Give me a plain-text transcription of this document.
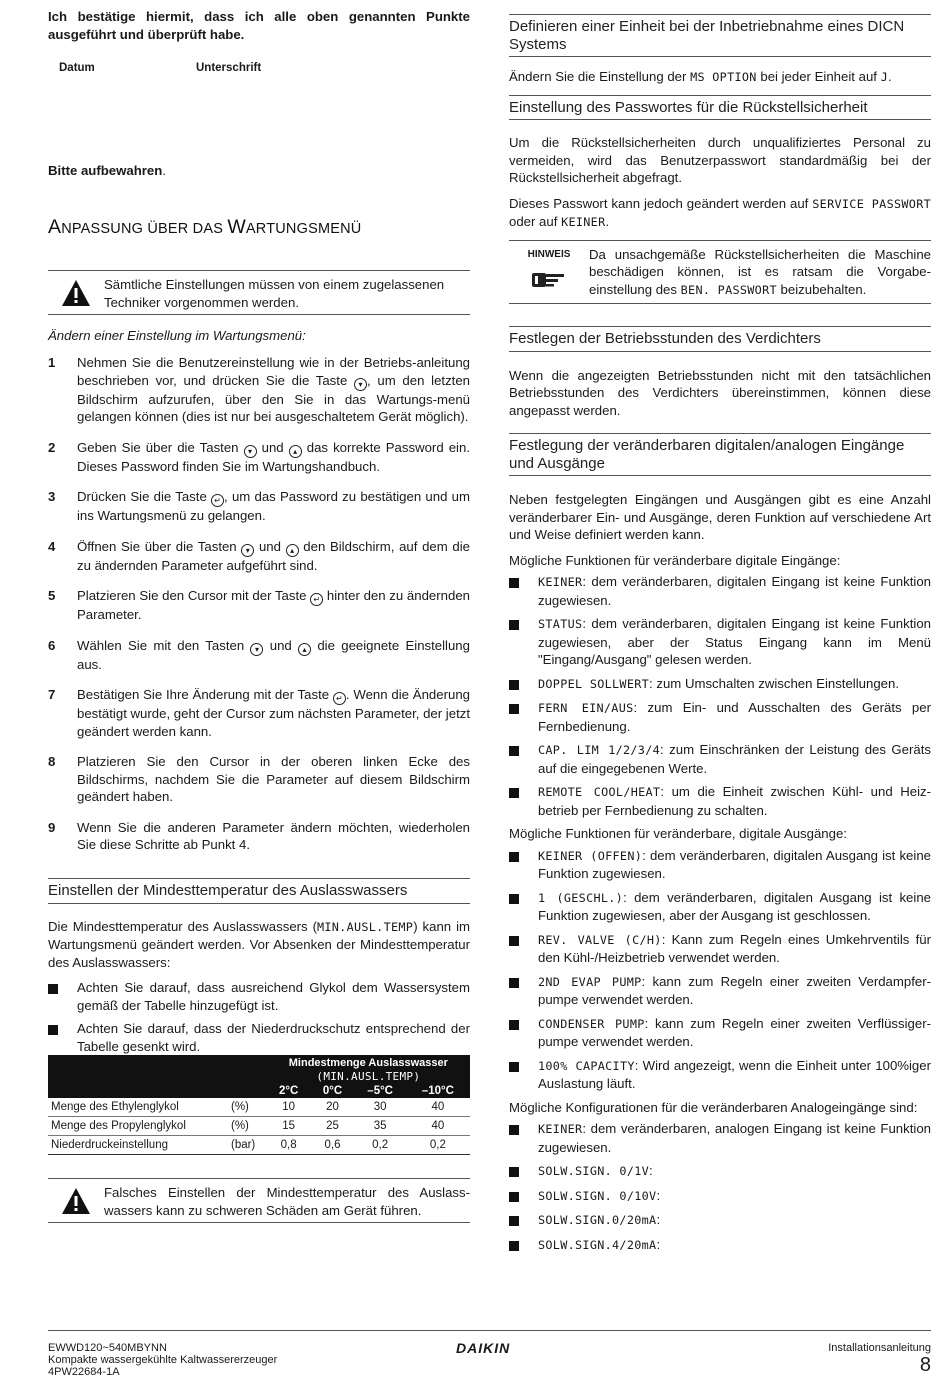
Ich bestätige hiermit, dass ich alle oben genannten Punkte ausgeführt und überprüft habe.
Datum	Unterschrift
Bitte aufbewahren.
ANPASSUNG ÜBER DAS WARTUNGSMENÜ
Sämtliche Einstellungen müssen von einem zugelassenen Techniker vorgenommen werden.
Ändern einer Einstellung im Wartungsmenü:
1	Nehmen Sie die Benutzereinstellung wie in der Betriebs-anleitung beschrieben vor, und drücken Sie die Taste ▾ , um den letzten Bildschirm aufzurufen, über den Sie in das Wartungs-menü gelangen können (dies ist nur bei ausgeschaltetem Gerät möglich).
2	Geben Sie über die Tasten ▾ und ▴ das korrekte Password ein. Dieses Password finden Sie im Wartungshandbuch.
3	Drücken Sie die Taste ↵ , um das Password zu bestätigen und um ins Wartungsmenü zu gelangen.
4	Öffnen Sie über die Tasten ▾ und ▴ den Bildschirm, auf dem die zu ändernden Parameter aufgeführt sind.
5	Platzieren Sie den Cursor mit der Taste ↵ hinter den zu ändernden Parameter.
6	Wählen Sie mit den Tasten ▾ und ▴ die geeignete Einstellung aus.
7	Bestätigen Sie Ihre Änderung mit der Taste ↵ . Wenn die Änderung bestätigt wurde, geht der Cursor zum nächsten Parameter, der jetzt geändert werden kann.
8	Platzieren Sie den Cursor in der oberen linken Ecke des Bildschirms, nachdem Sie die Parameter auf diesem Bildschirm geändert haben.
9	Wenn Sie die anderen Parameter ändern möchten, wiederholen Sie diese Schritte ab Punkt 4.
Einstellen der Mindesttemperatur des Auslasswassers
Die Mindesttemperatur des Auslasswassers (MIN.AUSL.TEMP) kann im Wartungsmenü geändert werden. Vor Absenken der Mindesttemperatur des Auslasswassers:
Achten Sie darauf, dass ausreichend Glykol dem Wassersystem gemäß der Tabelle hinzugefügt ist.
Achten Sie darauf, dass der Niederdruckschutz entsprechend der Tabelle gesenkt wird.
		Mindestmenge Auslasswasser
(MIN.AUSL.TEMP)			
		2°C	0°C	–5°C	–10°C
Menge des Ethylenglykol	(%)	10	20	30	40
Menge des Propylenglykol	(%)	15	25	35	40
Niederdruckeinstellung	(bar)	0,8	0,6	0,2	0,2
Falsches Einstellen der Mindesttemperatur des Auslass-wassers kann zu schweren Schäden am Gerät führen.
Definieren einer Einheit bei der Inbetriebnahme eines DICN Systems
Ändern Sie die Einstellung der MS OPTION bei jeder Einheit auf J.
Einstellung des Passwortes für die Rückstellsicherheit
Um die Rückstellsicherheiten durch unqualifiziertes Personal zu vermeiden, wird das Benutzerpasswort standardmäßig bei der Rückstellsicherheit abgefragt.
Dieses Passwort kann jedoch geändert werden auf SERVICE PASSWORT oder auf KEINER.
HINWEIS	Da unsachgemäße Rückstellsicherheiten die Maschine beschädigen können, ist es ratsam die Vorgabe-einstellung des BEN. PASSWORT beizubehalten.
Festlegen der Betriebsstunden des Verdichters
Wenn die angezeigten Betriebsstunden nicht mit den tatsächlichen Betriebsstunden des Verdichters übereinstimmen, können diese angepasst werden.
Festlegung der veränderbaren digitalen/analogen Eingänge und Ausgänge
Neben festgelegten Eingängen und Ausgängen gibt es eine Anzahl veränderbarer Ein- und Ausgänge, deren Funktion auf verschiedene Art und Weise definiert werden kann.
Mögliche Funktionen für veränderbare digitale Eingänge:
KEINER: dem veränderbaren, digitalen Eingang ist keine Funktion zugewiesen.
STATUS: dem veränderbaren, digitalen Eingang ist keine Funktion zugewiesen, aber der Status Eingang kann im Menü "Eingang/Ausgang" gelesen werden.
DOPPEL SOLLWERT: zum Umschalten zwischen Einstellungen.
FERN EIN/AUS: zum Ein- und Ausschalten des Geräts per Fernbedienung.
CAP. LIM 1/2/3/4: zum Einschränken der Leistung des Geräts auf die eingegebenen Werte.
REMOTE COOL/HEAT: um die Einheit zwischen Kühl- und Heiz-betrieb per Fernbedienung zu schalten.
Mögliche Funktionen für veränderbare, digitale Ausgänge:
KEINER (OFFEN): dem veränderbaren, digitalen Ausgang ist keine Funktion zugewiesen.
1 (GESCHL.): dem veränderbaren, digitalen Ausgang ist keine Funktion zugewiesen, aber der Ausgang ist geschlossen.
REV. VALVE (C/H): Kann zum Regeln eines Umkehrventils für den Kühl-/Heizbetrieb verwendet werden.
2ND EVAP PUMP: kann zum Regeln einer zweiten Verdampfer-pumpe verwendet werden.
CONDENSER PUMP: kann zum Regeln einer zweiten Verflüssiger-pumpe verwendet werden.
100% CAPACITY: Wird angezeigt, wenn die Einheit unter 100%iger Auslastung läuft.
Mögliche Konfigurationen für die veränderbaren Analogeingänge sind:
KEINER: dem veränderbaren, analogen Eingang ist keine Funktion zugewiesen.
SOLW.SIGN. 0/1V:
SOLW.SIGN. 0/10V:
SOLW.SIGN.0/20mA:
SOLW.SIGN.4/20mA:
EWWD120~540MBYNN
Kompakte wassergekühlte Kaltwassererzeuger
4PW22684-1A
DAIKIN	Installationsanleitung
8
